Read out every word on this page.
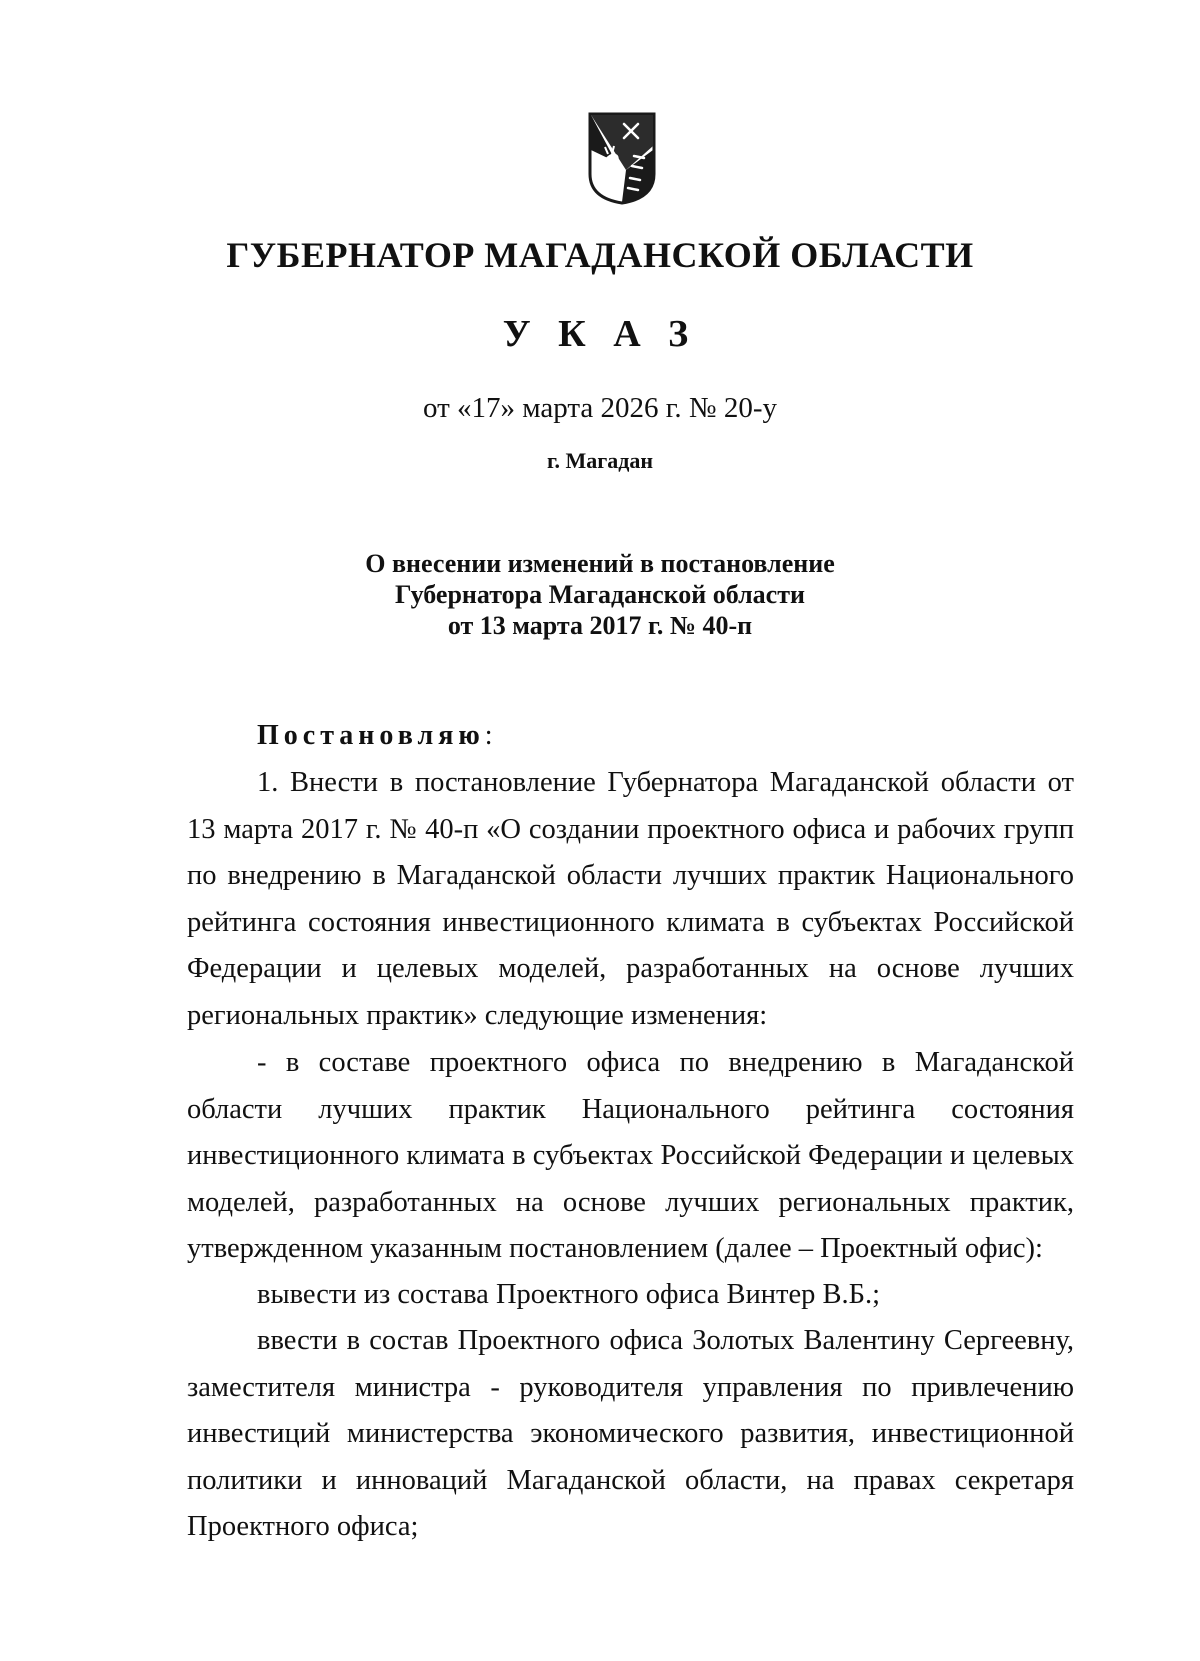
ГУБЕРНАТОР МАГАДАНСКОЙ ОБЛАСТИ
У К А З
от «17» марта 2026 г. № 20-у
г. Магадан
О внесении изменений в постановление
Губернатора Магаданской области
от 13 марта 2017 г. № 40-п
Постановляю:

1. Внести в постановление Губернатора Магаданской области от 13 марта 2017 г. № 40-п «О создании проектного офиса и рабочих групп по внедрению в Магаданской области лучших практик Национального рейтинга состояния инвестиционного климата в субъектах Российской Федерации и целевых моделей, разработанных на основе лучших региональных практик» следующие изменения:

- в составе проектного офиса по внедрению в Магаданской области лучших практик Национального рейтинга состояния инвестиционного климата в субъектах Российской Федерации и целевых моделей, разработанных на основе лучших региональных практик, утвержденном указанным постановлением (далее – Проектный офис):

вывести из состава Проектного офиса Винтер В.Б.;

ввести в состав Проектного офиса Золотых Валентину Сергеевну, заместителя министра - руководителя управления по привлечению инвестиций министерства экономического развития, инвестиционной политики и инноваций Магаданской области, на правах секретаря Проектного офиса;
